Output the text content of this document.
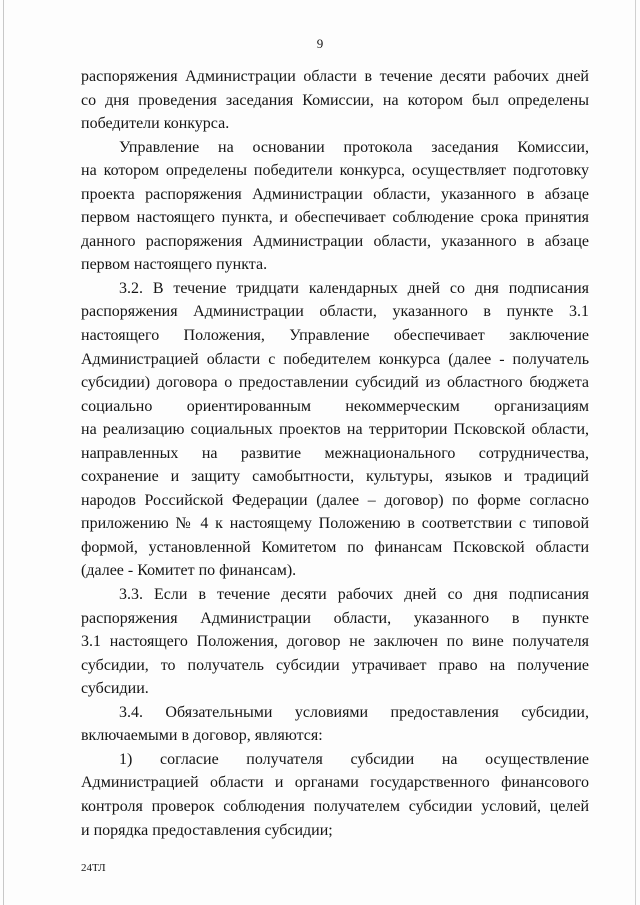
9
распоряжения Администрации области в течение десяти рабочих дней
со дня проведения заседания Комиссии, на котором был определены
победители конкурса.
Управление на основании протокола заседания Комиссии,
на котором определены победители конкурса, осуществляет подготовку
проекта распоряжения Администрации области, указанного в абзаце
первом настоящего пункта, и обеспечивает соблюдение срока принятия
данного распоряжения Администрации области, указанного в абзаце
первом настоящего пункта.
3.2. В течение тридцати календарных дней со дня подписания
распоряжения Администрации области, указанного в пункте 3.1
настоящего Положения, Управление обеспечивает заключение
Администрацией области с победителем конкурса (далее - получатель
субсидии) договора о предоставлении субсидий из областного бюджета
социально ориентированным некоммерческим организациям
на реализацию социальных проектов на территории Псковской области,
направленных на развитие межнационального сотрудничества,
сохранение и защиту самобытности, культуры, языков и традиций
народов Российской Федерации (далее – договор) по форме согласно
приложению № 4 к настоящему Положению в соответствии с типовой
формой, установленной Комитетом по финансам Псковской области
(далее - Комитет по финансам).
3.3. Если в течение десяти рабочих дней со дня подписания
распоряжения Администрации области, указанного в пункте
3.1 настоящего Положения, договор не заключен по вине получателя
субсидии, то получатель субсидии утрачивает право на получение
субсидии.
3.4. Обязательными условиями предоставления субсидии,
включаемыми в договор, являются:
1) согласие получателя субсидии на осуществление
Администрацией области и органами государственного финансового
контроля проверок соблюдения получателем субсидии условий, целей
и порядка предоставления субсидии;
24ТЛ
